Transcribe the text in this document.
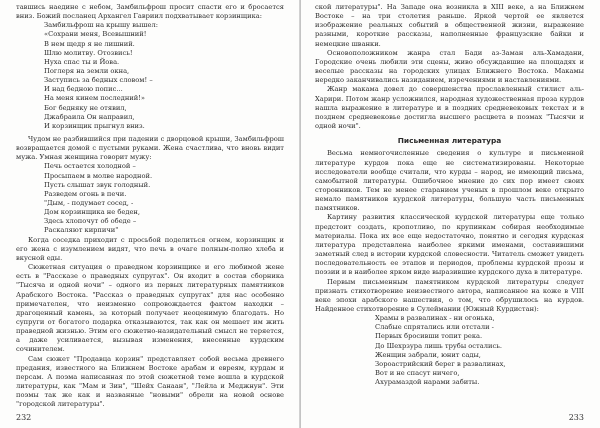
тавшись наедине с небом, Замбильфрош просит спасти его и бросается вниз. Божий посланец Архангел Гавриил подхватывает корзинщика:

Замбильфрош на крышу вышел:
«Сохрани меня, Всевышний!
В нем щедр я не лишний.
Шлю молитву. Отозвись!
Нуха спас ты и Йова.
Поглеря на земли окна,
Заступись за бедных словом! –
И над бедною попис...
На меня кинем последний!»
Бог бедняку не отявил,
Джабраила Он направил,
И корзинщик прыгнул вниз.

Чудом не разбившийся при падении с дворцовой крыши, Замбильфрош возвращается домой с пустыми руками. Жена счастлива, что вновь видит мужа. Умная женщина говорит мужу:

Печь остается холодной –
Просыпаем в молве народной.
Пусть слышат звук голодный.
Разведем огонь в печи.
"Дым, - подумает сосед, -
Дом корзинщика не беден,
Здесь хлопочут об обеде –
Раскаляют кирпичи"

Когда соседка приходит с просьбой поделиться огнем, корзинщик и его жена с изумлением видят, что печь в очаге полным-полно хлеба и вкусной еды.

Сюжетная ситуация о праведном корзинщике и его любимой жене есть в "Рассказе о праведных супругах". Он входит в состав сборника "Тысяча и одной ночи" – одного из первых литературных памятников Арабского Востока. "Рассказ о праведных супругах" для нас особенно примечателен, что неизменно сопровождается фактом находки – драгоценный камень, за который получает неоценимую благодать. Но супруги от богатого подарка отказываются, так как он мешает им жить праведной жизнью. Этим его сюжетно-назидательный смысл не теряется, а даже усиливается, вызывая изменения, внесенные курдским сочинителем.

Сам сюжет "Продавца корзин" представляет собой весьма древнего предания, известного на Ближнем Востоке арабам и евреям, курдам и персам. А поэма написанная по этой сюжетной теме вошла в курдской литературы, как "Мам и Зин", "Шейх Санаан", "Лейла и Меджнун". Эти поэмы так же как и названные "новыми" обрели на новой основе "городской литературы".

232

ской литературы". На Западе она возникла в XIII веке, а на Ближнем Востоке – на три столетия раньше. Яркой чертой ее является изображение реальных событий в общественной жизни, выражение разными, короткие рассказы, наполненные французские байки и немецкие шванки.

Основоположником жанра стал Бади аз-Заман аль-Хамадани, Городские очень любили эти сцены, живо обсуждавшие на площадях и веселые рассказы на городских улицах Ближнего Востока. Макамы нередко заканчивались назиданием, изречениями и наставлениями.

Жанр макама довел до совершенства прославленный стилист аль-Харири. Потом жанр усложнился, народная художественная проза курдов нашла выражение в литературе и в поздних средневековых текстах и в позднем средневековье достигла высшего расцвета в поэмах "Тысячи и одной ночи".

Письменная литература

Весьма немногочисленные сведения о культуре и письменной литературе курдов пока еще не систематизированы. Некоторые исследователи вообще считали, что курды – народ, не имеющий письма, самобытной литературы. Ошибочное мнение до сих пор имеет своих сторонников. Тем не менее старанием ученых в прошлом веке открыто немало памятников курдской литературы, большую часть письменных памятников.

Картину развития классической курдской литературы еще только предстоит создать, кропотливо, по крупинкам собирая необходимые материалы. Пока их все еще недостаточно, понятно и сегодня курдская литература представлена наиболее яркими именами, составившими заметный след в истории курдской словесности. Читатель сможет увидеть последовательность ее этапов и периодов, проблемы курдской прозы и поэзии и в наиболее ярком виде выразившие курдского духа в литературе.

Первым письменным памятником курдской литературы следует признать стихотворение неизвестного автора, написанное на коже в VIII веке эпохи арабского нашествия, о том, что обрушилось на курдов. Найденное стихотворение в Сулеймании (Южный Курдистан):

Храмы в развалинах - ни огонька,
Слабые спрятались или отстали -
Первых бросивши топит река.
До Шехрзура лишь трубы остались.
Женщин забрали, юнит сады,
Зороастрийский берег в развалинах,
Вот и не спасут ничего,
Ахурамаздой нарами забиты.
233
